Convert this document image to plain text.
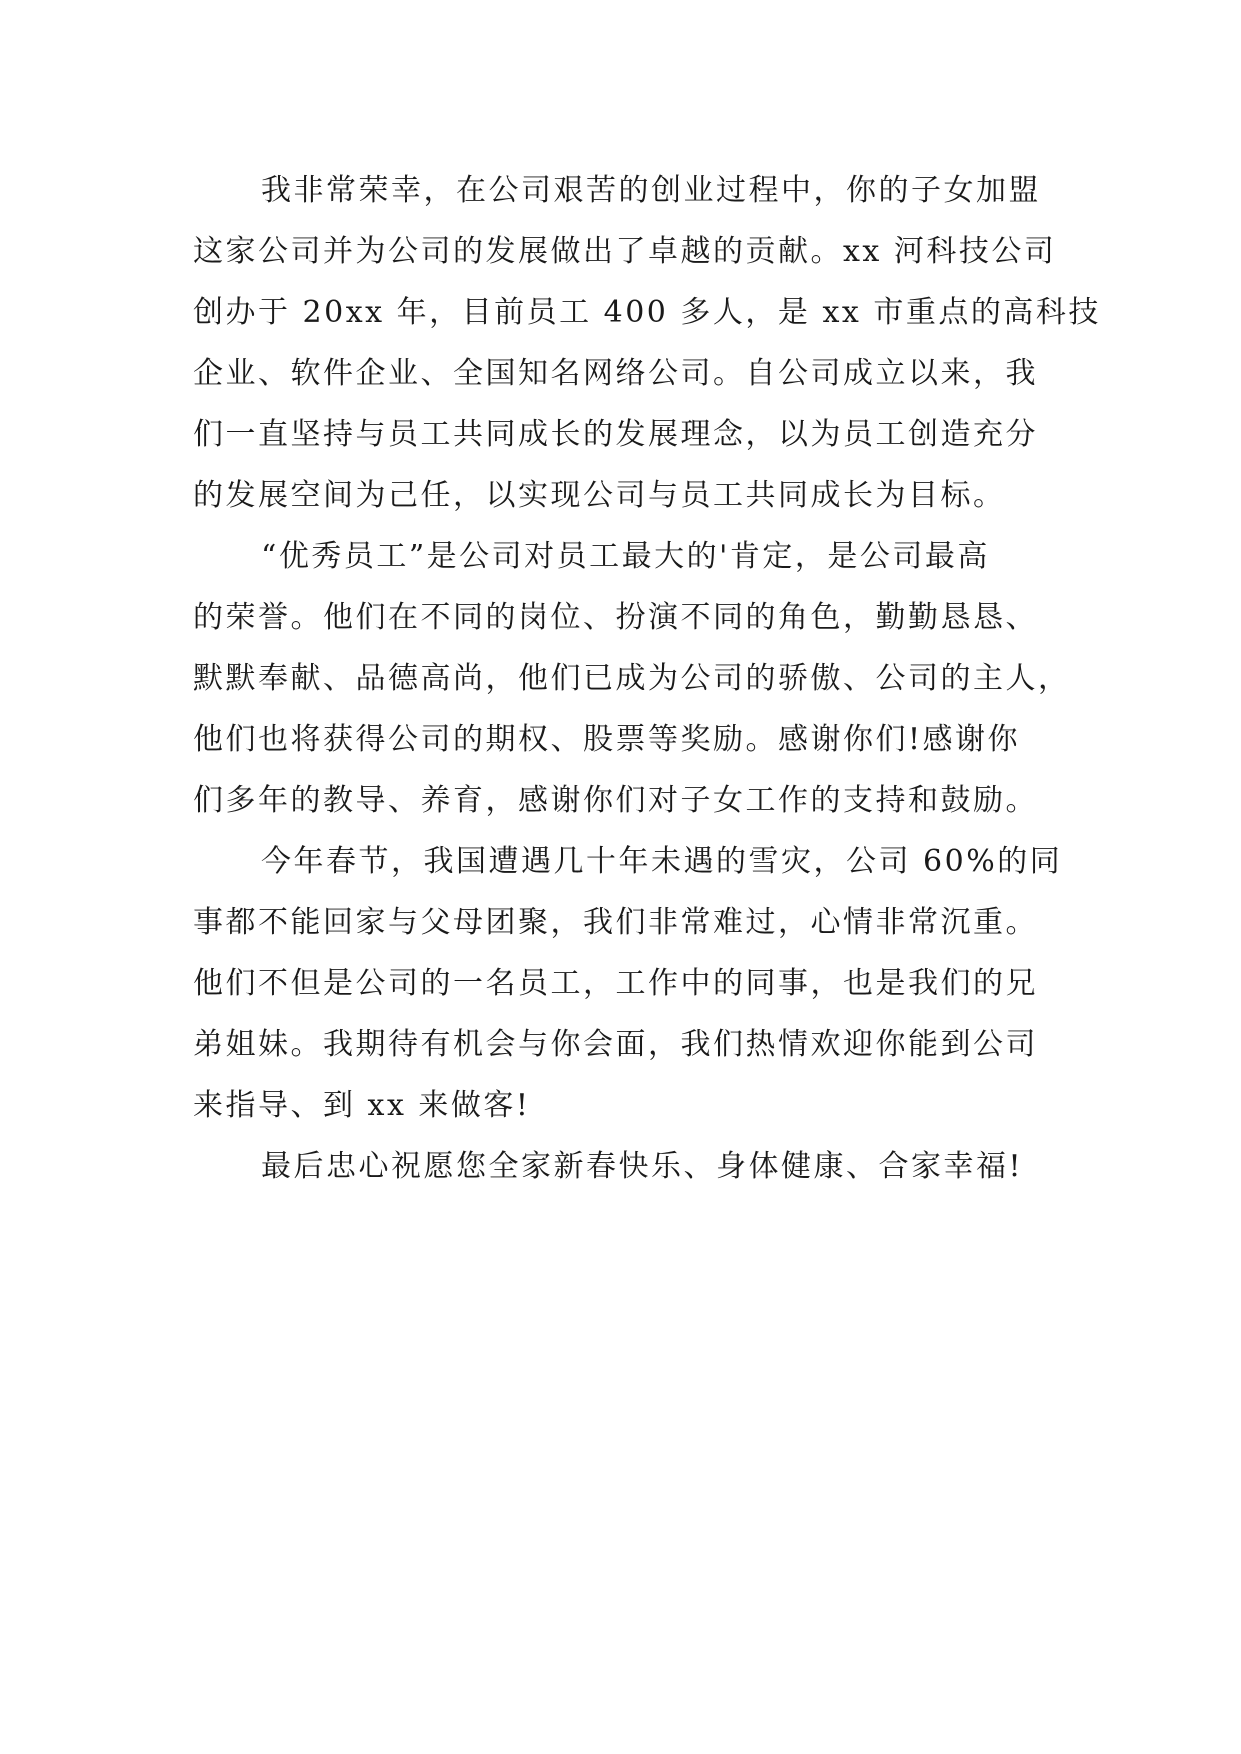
我非常荣幸，在公司艰苦的创业过程中，你的子女加盟
这家公司并为公司的发展做出了卓越的贡献。xx 河科技公司
创办于 20xx 年，目前员工 400 多人，是 xx 市重点的高科技
企业、软件企业、全国知名网络公司。自公司成立以来，我
们一直坚持与员工共同成长的发展理念，以为员工创造充分
的发展空间为己任，以实现公司与员工共同成长为目标。
“优秀员工”是公司对员工最大的'肯定，是公司最高
的荣誉。他们在不同的岗位、扮演不同的角色，勤勤恳恳、
默默奉献、品德高尚，他们已成为公司的骄傲、公司的主人，
他们也将获得公司的期权、股票等奖励。感谢你们!感谢你
们多年的教导、养育，感谢你们对子女工作的支持和鼓励。
今年春节，我国遭遇几十年未遇的雪灾，公司 60%的同
事都不能回家与父母团聚，我们非常难过，心情非常沉重。
他们不但是公司的一名员工，工作中的同事，也是我们的兄
弟姐妹。我期待有机会与你会面，我们热情欢迎你能到公司
来指导、到 xx 来做客!
最后忠心祝愿您全家新春快乐、身体健康、合家幸福!
